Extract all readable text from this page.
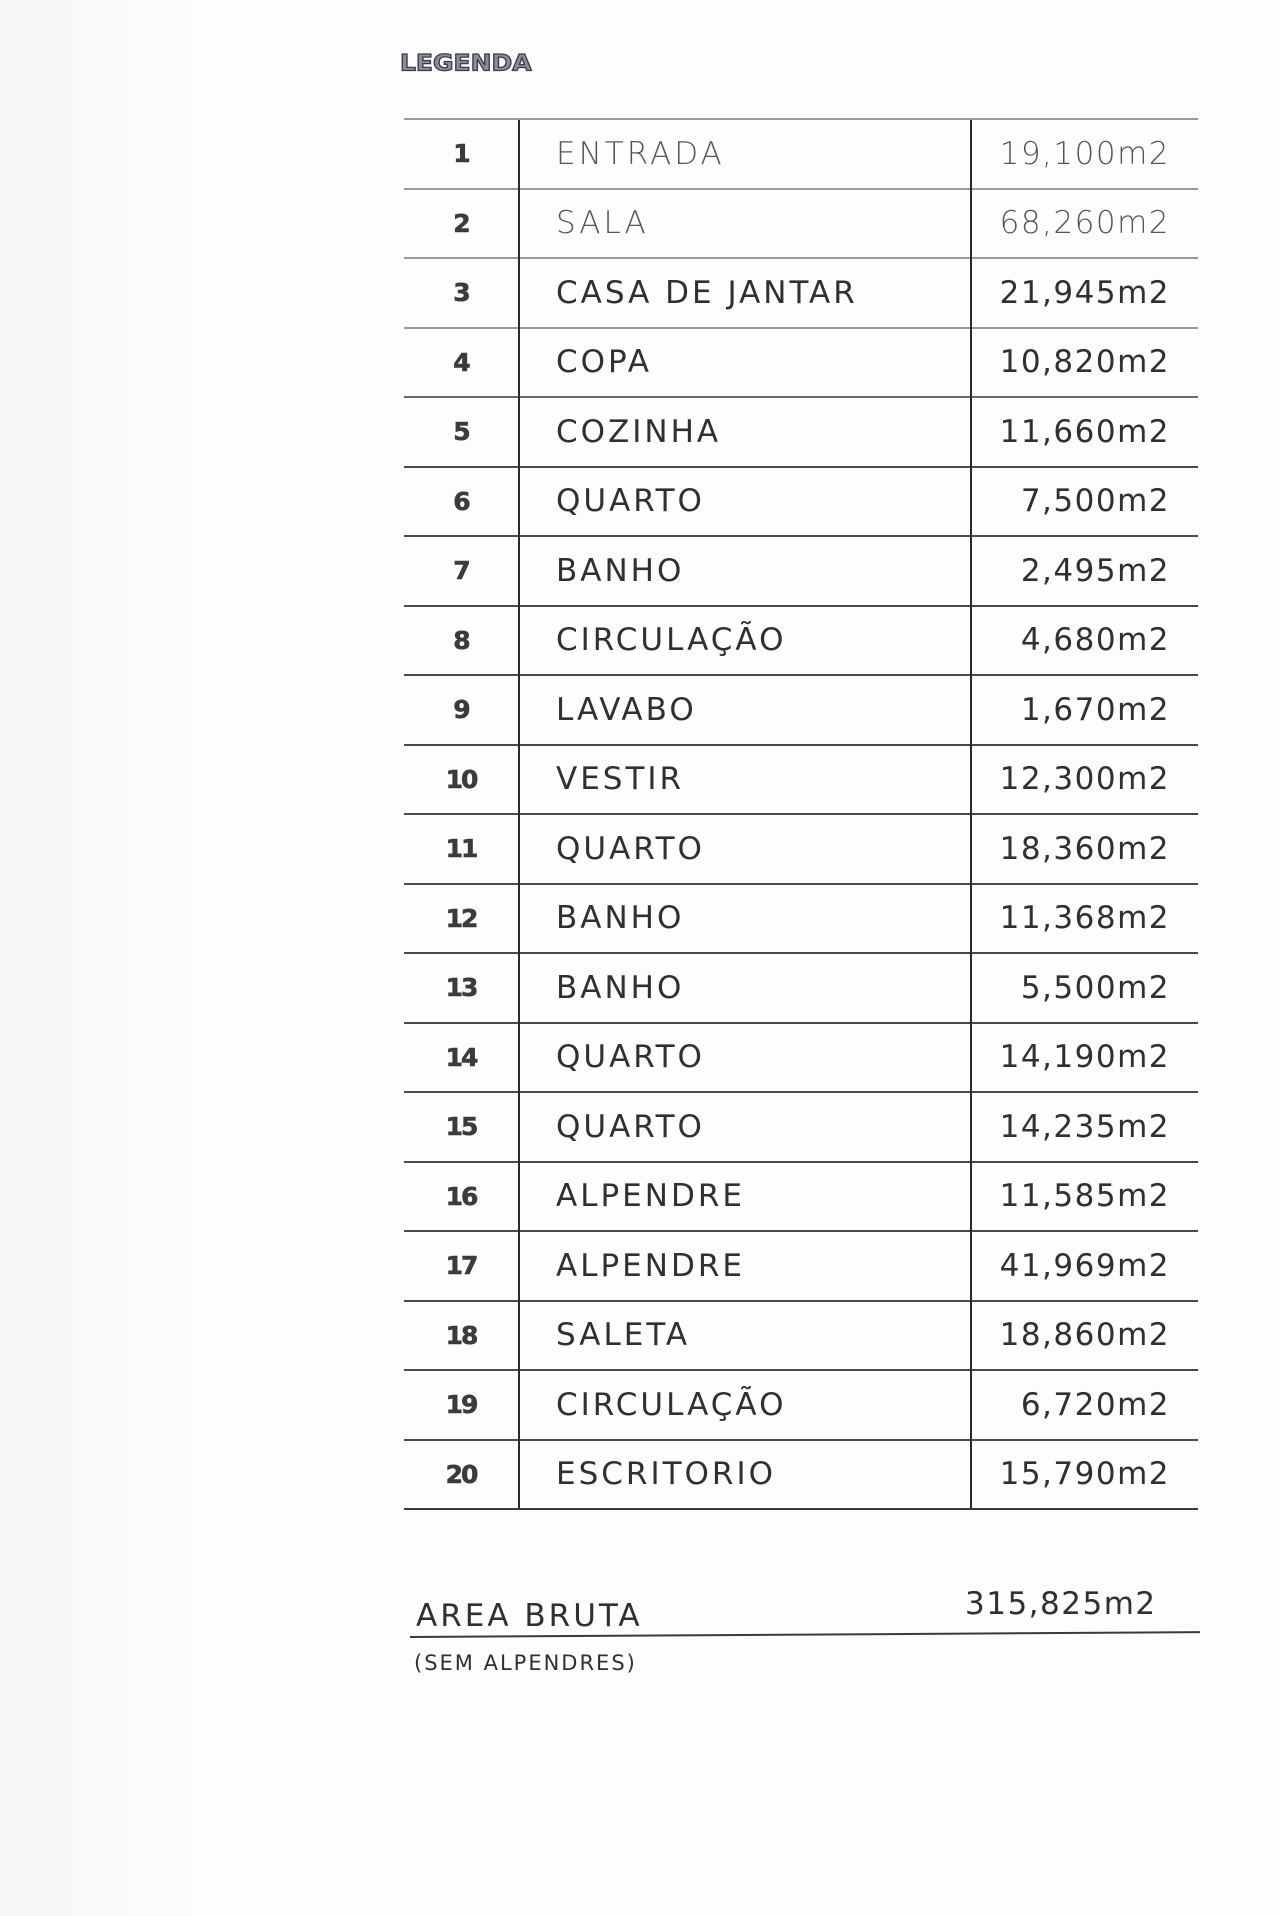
LEGENDA
1	ENTRADA	19,100m2
2	SALA	68,260m2
3	CASA DE JANTAR	21,945m2
4	COPA	10,820m2
5	COZINHA	11,660m2
6	QUARTO	7,500m2
7	BANHO	2,495m2
8	CIRCULAÇÃO	4,680m2
9	LAVABO	1,670m2
10	VESTIR	12,300m2
11	QUARTO	18,360m2
12	BANHO	11,368m2
13	BANHO	5,500m2
14	QUARTO	14,190m2
15	QUARTO	14,235m2
16	ALPENDRE	11,585m2
17	ALPENDRE	41,969m2
18	SALETA	18,860m2
19	CIRCULAÇÃO	6,720m2
20	ESCRITORIO	15,790m2
AREA BRUTA	315,825m2
(SEM ALPENDRES)
